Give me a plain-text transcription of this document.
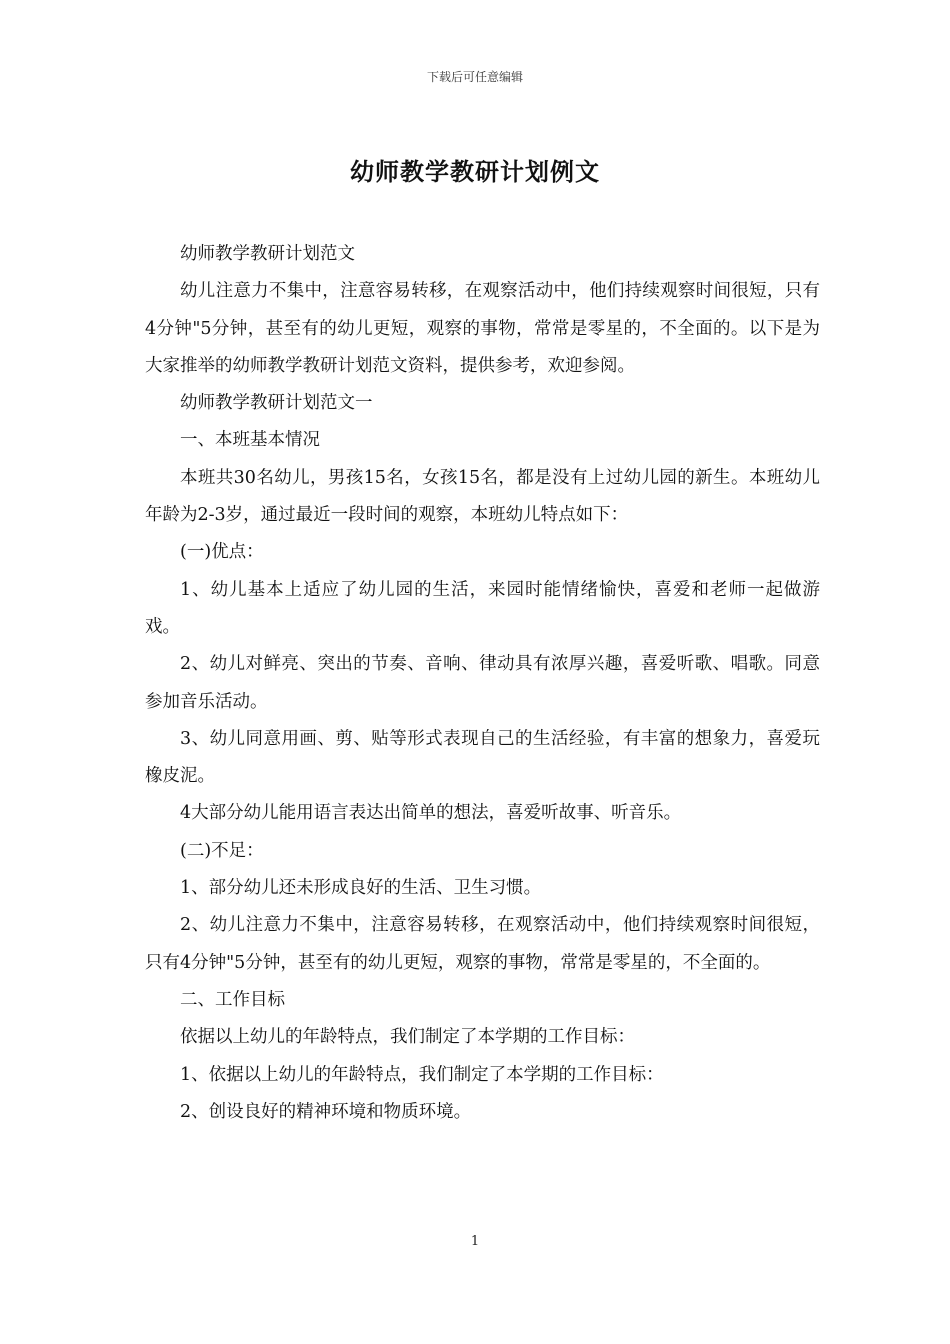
下载后可任意编辑
幼师教学教研计划例文

幼师教学教研计划范文

幼儿注意力不集中，注意容易转移，在观察活动中，他们持续观察时间很短，只有4分钟"5分钟，甚至有的幼儿更短，观察的事物，常常是零星的，不全面的。以下是为大家推举的幼师教学教研计划范文资料，提供参考，欢迎参阅。

幼师教学教研计划范文一

一、本班基本情况

本班共30名幼儿，男孩15名，女孩15名，都是没有上过幼儿园的新生。本班幼儿年龄为2-3岁，通过最近一段时间的观察，本班幼儿特点如下：

(一)优点：

1、幼儿基本上适应了幼儿园的生活，来园时能情绪愉快，喜爱和老师一起做游戏。

2、幼儿对鲜亮、突出的节奏、音响、律动具有浓厚兴趣，喜爱听歌、唱歌。同意参加音乐活动。

3、幼儿同意用画、剪、贴等形式表现自己的生活经验，有丰富的想象力，喜爱玩橡皮泥。

4大部分幼儿能用语言表达出简单的想法，喜爱听故事、听音乐。

(二)不足：

1、部分幼儿还未形成良好的生活、卫生习惯。

2、幼儿注意力不集中，注意容易转移，在观察活动中，他们持续观察时间很短，只有4分钟"5分钟，甚至有的幼儿更短，观察的事物，常常是零星的，不全面的。

二、工作目标

依据以上幼儿的年龄特点，我们制定了本学期的工作目标：

1、依据以上幼儿的年龄特点，我们制定了本学期的工作目标：

2、创设良好的精神环境和物质环境。

1
